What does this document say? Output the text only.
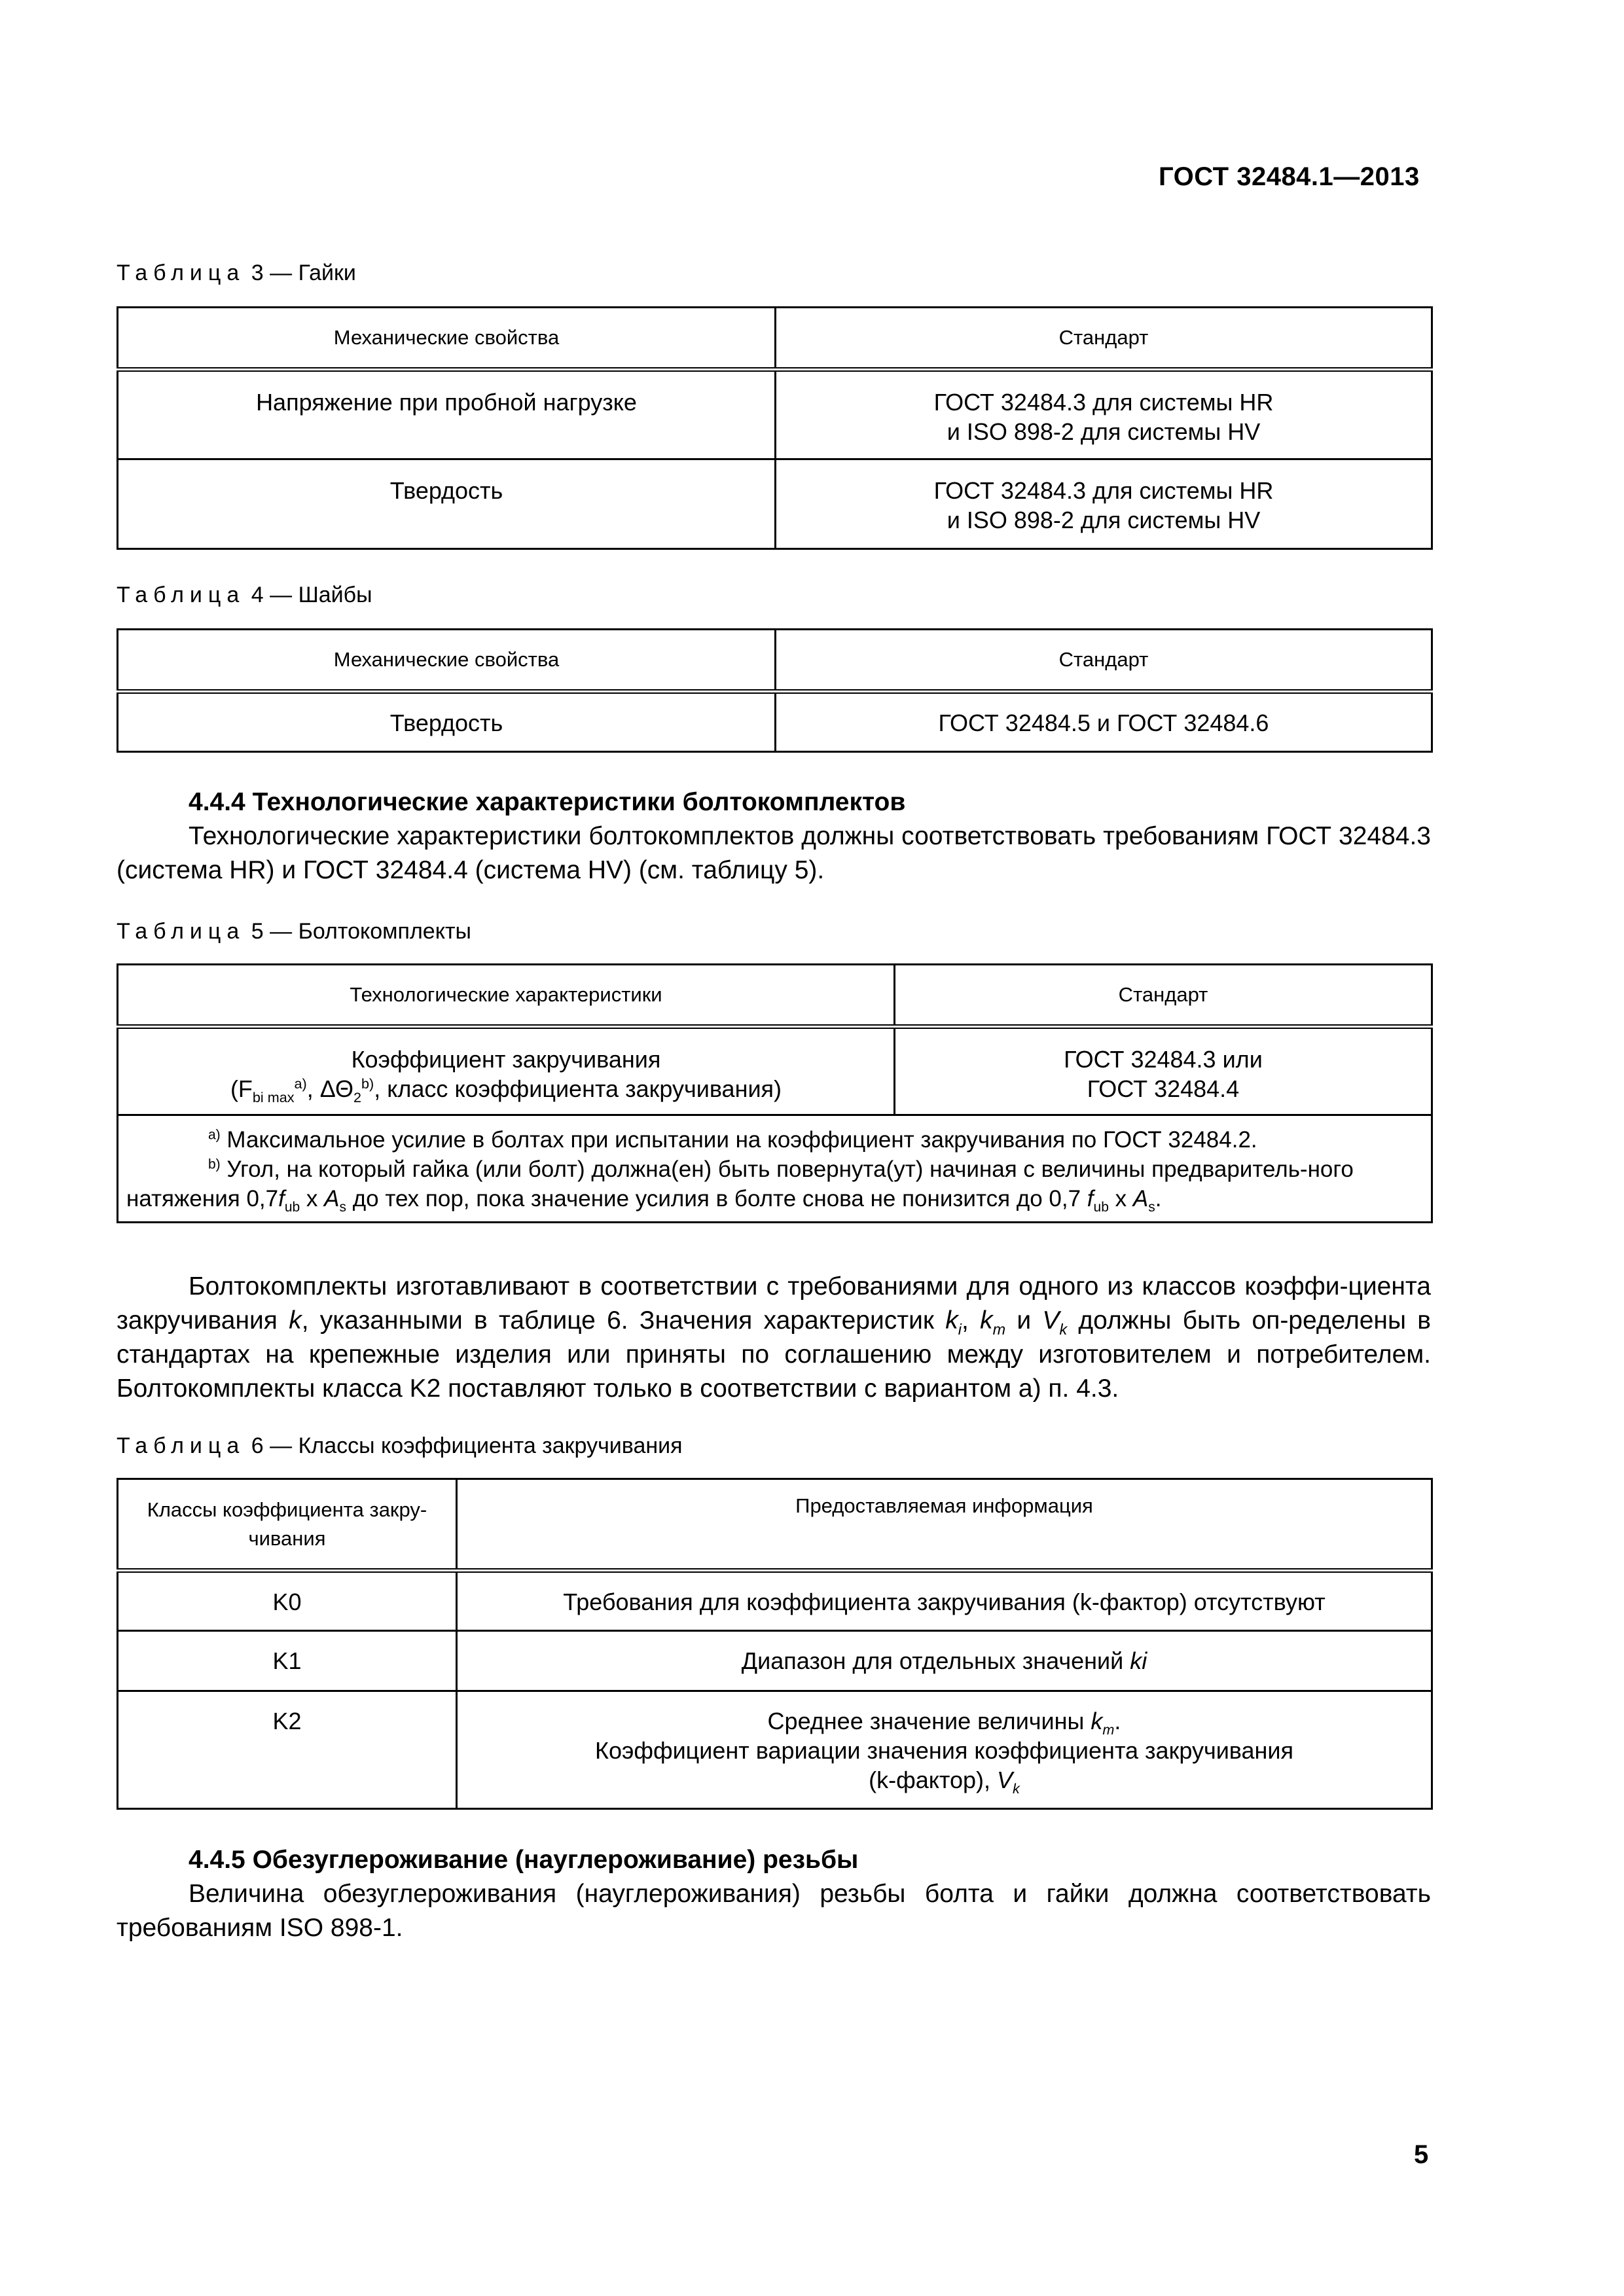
ГОСТ 32484.1—2013
Таблица 3 — Гайки
Механические свойства	Стандарт
Напряжение при пробной нагрузке	ГОСТ 32484.3 для системы HR
и ISO 898-2 для системы HV
Твердость	ГОСТ 32484.3 для системы HR
и ISO 898-2 для системы HV
Таблица 4 — Шайбы
Механические свойства	Стандарт
Твердость	ГОСТ 32484.5 и ГОСТ 32484.6
4.4.4 Технологические характеристики болтокомплектов
Технологические характеристики болтокомплектов должны соответствовать требованиям ГОСТ 32484.3 (система HR) и ГОСТ 32484.4 (система HV) (см. таблицу 5).
Таблица 5 — Болтокомплекты
Технологические характеристики	Стандарт
Коэффициент закручивания
($F_{bi max}^{a)}$, $\Delta\Theta_2^{b)}$, класс коэффициента закручивания)	ГОСТ 32484.3 или
ГОСТ 32484.4
$^{a)}$ Максимальное усилие в болтах при испытании на коэффициент закручивания по ГОСТ 32484.2.
$^{b)}$ Угол, на который гайка (или болт) должна(ен) быть повернута(ут) начиная с величины предваритель-ного натяжения $0,7f_{ub}$ x $A_s$ до тех пор, пока значение усилия в болте снова не понизится до 0,7 $f_{ub}$ x $A_s$.	
Болтокомплекты изготавливают в соответствии с требованиями для одного из классов коэффи-циента закручивания k, указанными в таблице 6. Значения характеристик $k_i$, $k_m$ и $V_k$ должны быть оп-ределены в стандартах на крепежные изделия или приняты по соглашению между изготовителем и потребителем. Болтокомплекты класса K2 поставляют только в соответствии с вариантом а) п. 4.3.
Таблица 6 — Классы коэффициента закручивания
Классы коэффициента закру-чивания	Предоставляемая информация
K0	Требования для коэффициента закручивания (k-фактор) отсутствуют
K1	Диапазон для отдельных значений ki
K2	Среднее значение величины $k_m$.
Коэффициент вариации значения коэффициента закручивания
(k-фактор), $V_k$
4.4.5 Обезуглероживание (науглероживание) резьбы
Величина обезуглероживания (науглероживания) резьбы болта и гайки должна соответствовать требованиям ISO 898-1.
5
